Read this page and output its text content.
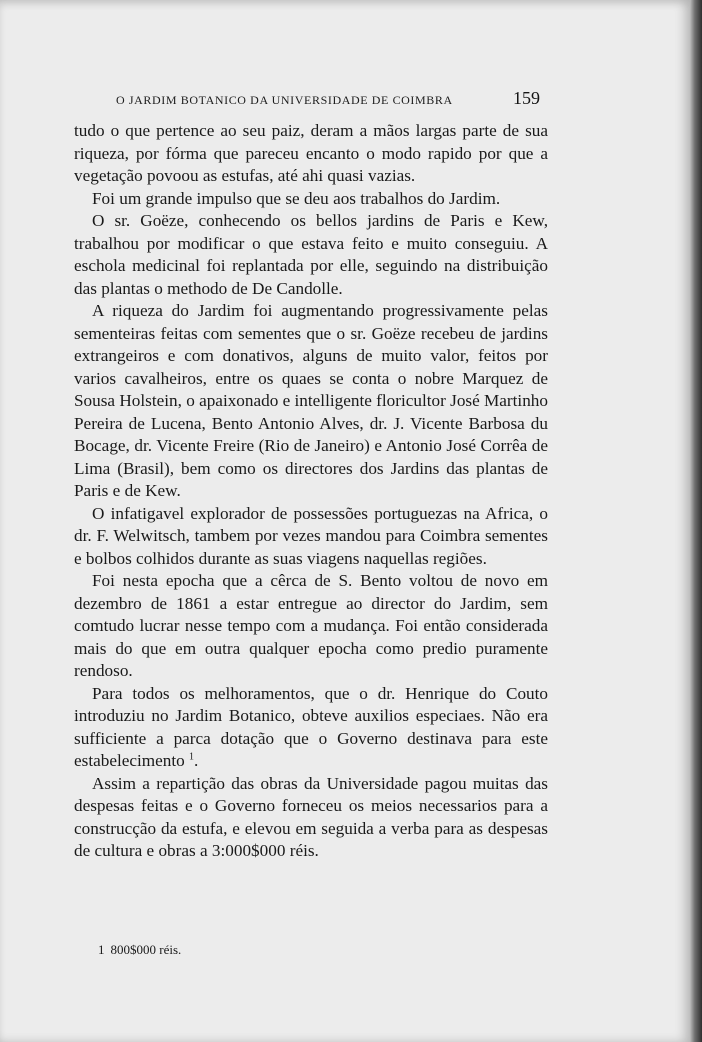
O JARDIM BOTANICO DA UNIVERSIDADE DE COIMBRA	159

tudo o que pertence ao seu paiz, deram a mãos largas parte de sua riqueza, por fórma que pareceu encanto o modo rapido por que a vegetação povoou as estufas, até ahi quasi vazias.

Foi um grande impulso que se deu aos trabalhos do Jardim.

O sr. Goëze, conhecendo os bellos jardins de Paris e Kew, trabalhou por modificar o que estava feito e muito conseguiu. A eschola medicinal foi replantada por elle, seguindo na distribuição das plantas o methodo de De Candolle.

A riqueza do Jardim foi augmentando progressivamente pelas sementeiras feitas com sementes que o sr. Goëze recebeu de jardins extrangeiros e com donativos, alguns de muito valor, feitos por varios cavalheiros, entre os quaes se conta o nobre Marquez de Sousa Holstein, o apaixonado e intelligente floricultor José Martinho Pereira de Lucena, Bento Antonio Alves, dr. J. Vicente Barbosa du Bocage, dr. Vicente Freire (Rio de Janeiro) e Antonio José Corrêa de Lima (Brasil), bem como os directores dos Jardins das plantas de Paris e de Kew.

O infatigavel explorador de possessões portuguezas na Africa, o dr. F. Welwitsch, tambem por vezes mandou para Coimbra sementes e bolbos colhidos durante as suas viagens naquellas regiões.

Foi nesta epocha que a cêrca de S. Bento voltou de novo em dezembro de 1861 a estar entregue ao director do Jardim, sem comtudo lucrar nesse tempo com a mudança. Foi então considerada mais do que em outra qualquer epocha como predio puramente rendoso.

Para todos os melhoramentos, que o dr. Henrique do Couto introduziu no Jardim Botanico, obteve auxilios especiaes. Não era sufficiente a parca dotação que o Governo destinava para este estabelecimento $^1$.

Assim a repartição das obras da Universidade pagou muitas das despesas feitas e o Governo forneceu os meios necessarios para a construcção da estufa, e elevou em seguida a verba para as despesas de cultura e obras a 3:000$000 réis.

1 800$000 réis.
